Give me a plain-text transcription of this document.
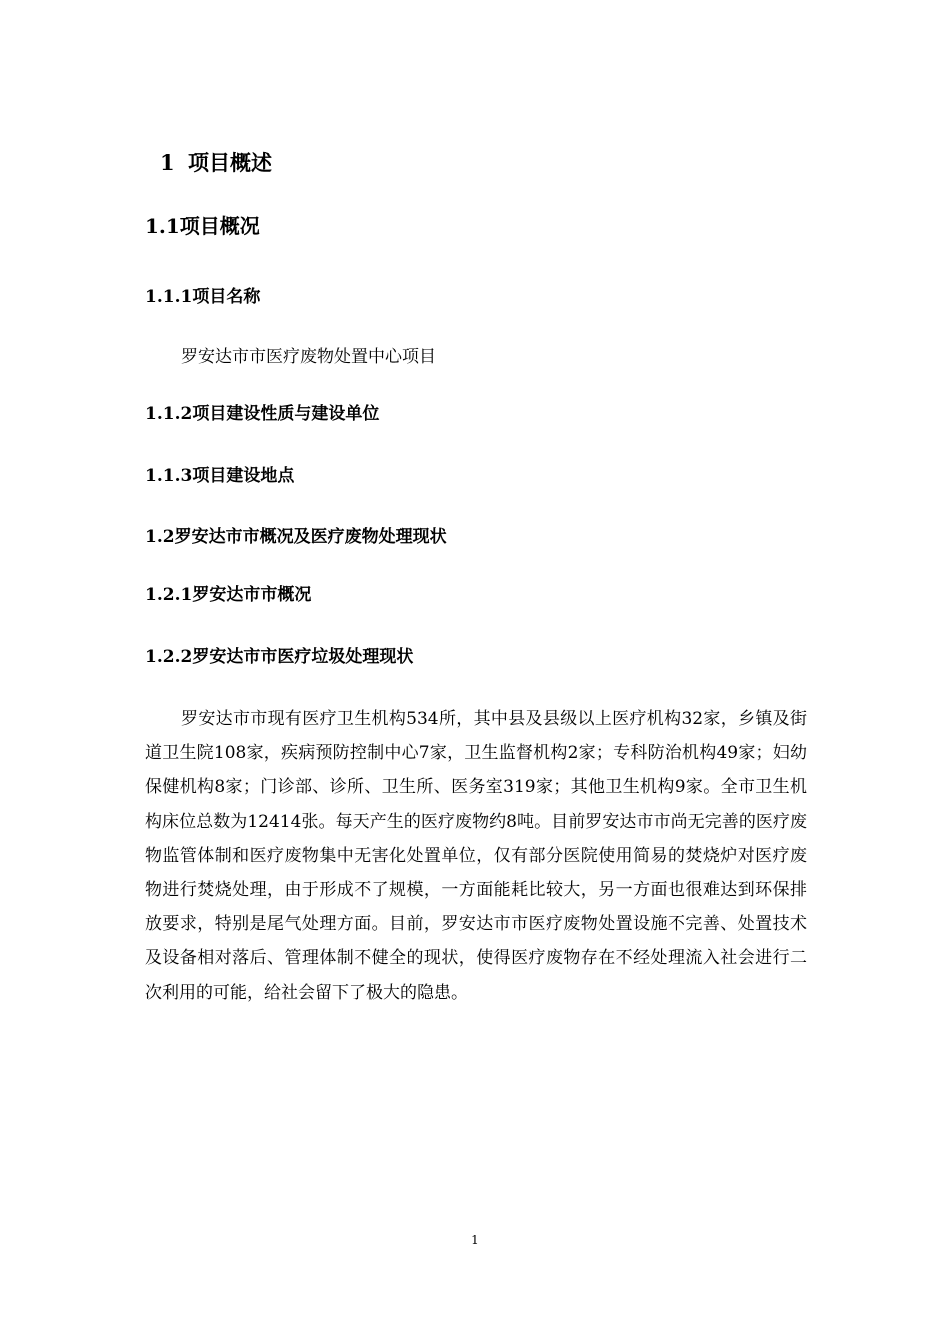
1 项目概述
1.1项目概况
1.1.1项目名称
罗安达市市医疗废物处置中心项目
1.1.2项目建设性质与建设单位
1.1.3项目建设地点
1.2罗安达市市概况及医疗废物处理现状
1.2.1罗安达市市概况
1.2.2罗安达市市医疗垃圾处理现状
罗安达市市现有医疗卫生机构534所，其中县及县级以上医疗机构32家，乡镇及街道卫生院108家，疾病预防控制中心7家，卫生监督机构2家；专科防治机构49家；妇幼保健机构8家；门诊部、诊所、卫生所、医务室319家；其他卫生机构9家。全市卫生机构床位总数为12414张。每天产生的医疗废物约8吨。目前罗安达市市尚无完善的医疗废物监管体制和医疗废物集中无害化处置单位，仅有部分医院使用简易的焚烧炉对医疗废物进行焚烧处理，由于形成不了规模，一方面能耗比较大，另一方面也很难达到环保排放要求，特别是尾气处理方面。目前，罗安达市市医疗废物处置设施不完善、处置技术及设备相对落后、管理体制不健全的现状，使得医疗废物存在不经处理流入社会进行二次利用的可能，给社会留下了极大的隐患。
1
